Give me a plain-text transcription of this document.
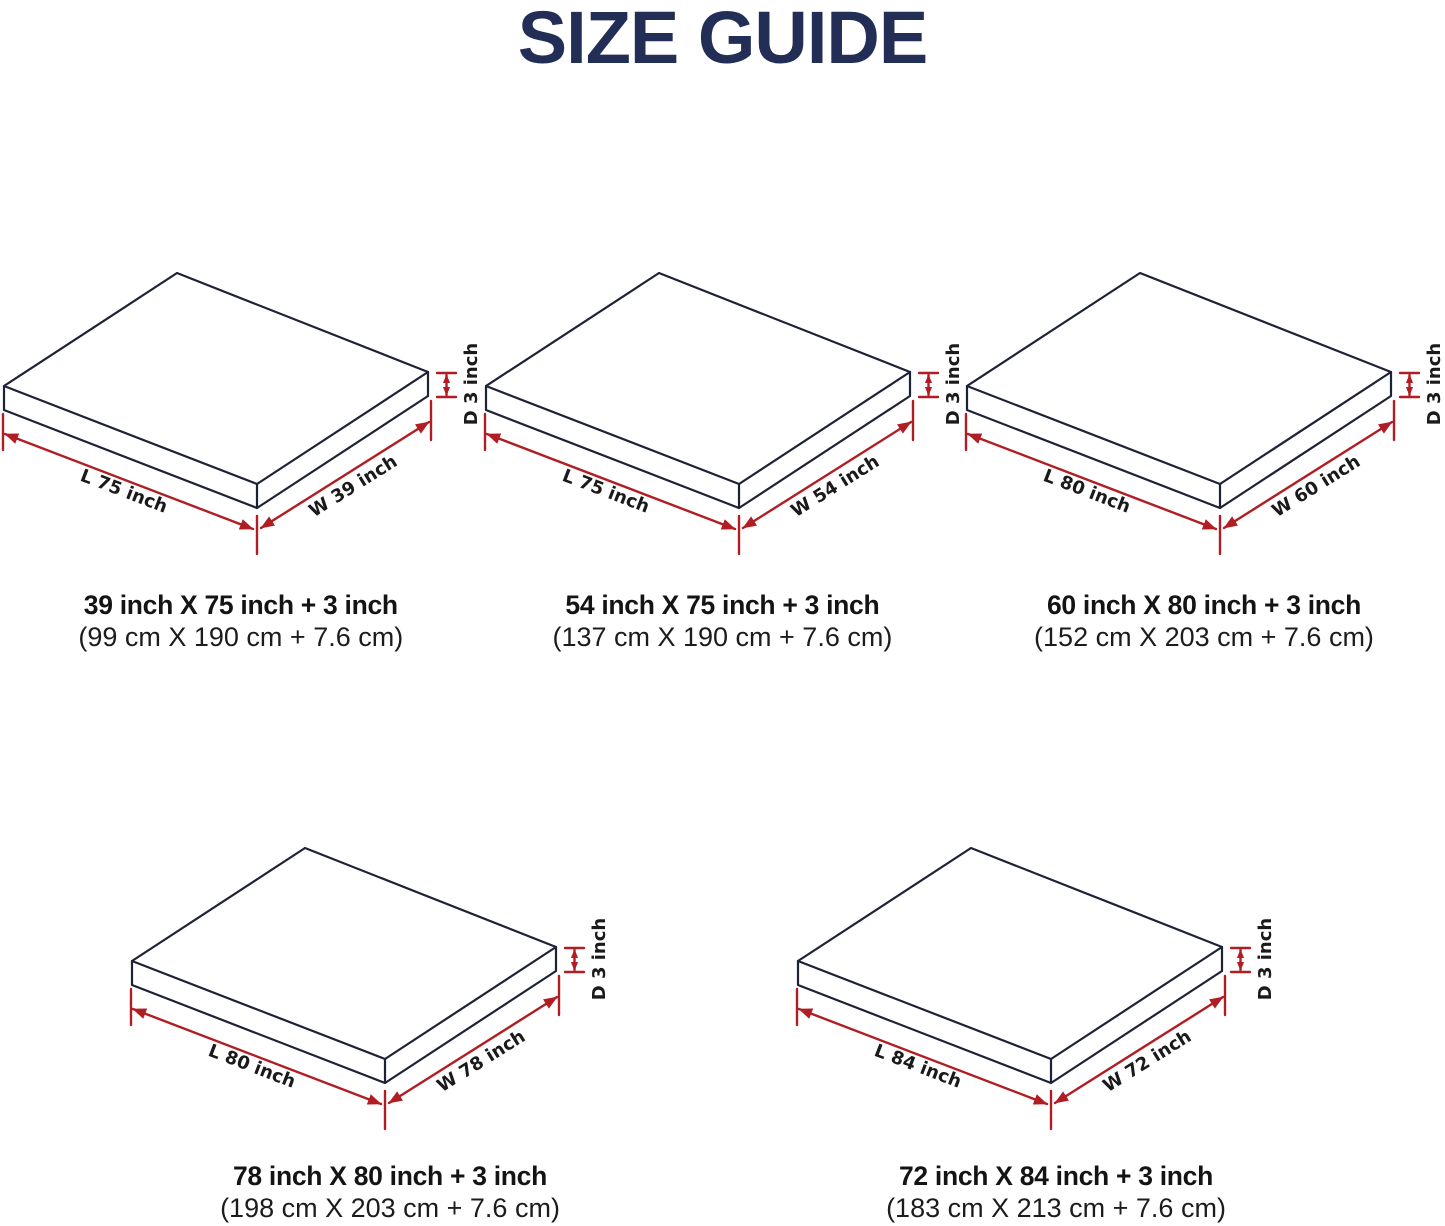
SIZE GUIDE
L 75 inch	W 39 inch
D 3 inch
39 inch X 75 inch + 3 inch
(99 cm X 190 cm + 7.6 cm)
L 75 inch	W 54 inch
D 3 inch
54 inch X 75 inch + 3 inch
(137 cm X 190 cm + 7.6 cm)
L 80 inch	W 60 inch
D 3 inch
60 inch X 80 inch + 3 inch
(152 cm X 203 cm + 7.6 cm)
L 80 inch	W 78 inch
D 3 inch
78 inch X 80 inch + 3 inch
(198 cm X 203 cm + 7.6 cm)
L 84 inch	W 72 inch
D 3 inch
72 inch X 84 inch + 3 inch
(183 cm X 213 cm + 7.6 cm)
